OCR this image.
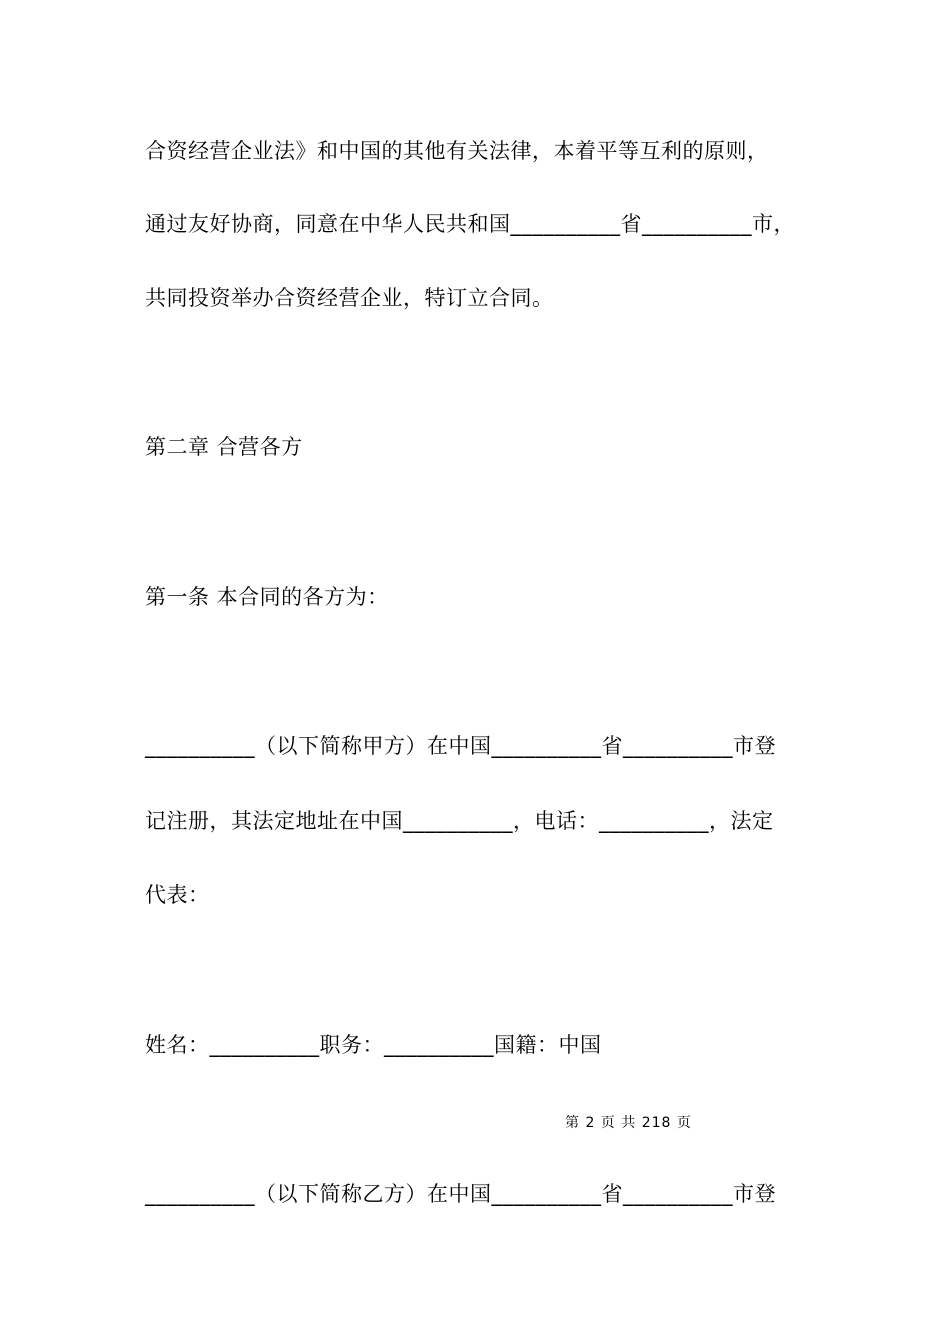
合资经营企业法》和中国的其他有关法律，本着平等互利的原则，
通过友好协商，同意在中华人民共和国__________省__________市，
共同投资举办合资经营企业，特订立合同。
第二章 合营各方
第一条 本合同的各方为：
__________（以下简称甲方）在中国__________省__________市登
记注册，其法定地址在中国__________，电话：__________，法定
代表：
姓名：__________职务：__________国籍：中国
第 2 页 共 218 页
__________（以下简称乙方）在中国__________省__________市登
